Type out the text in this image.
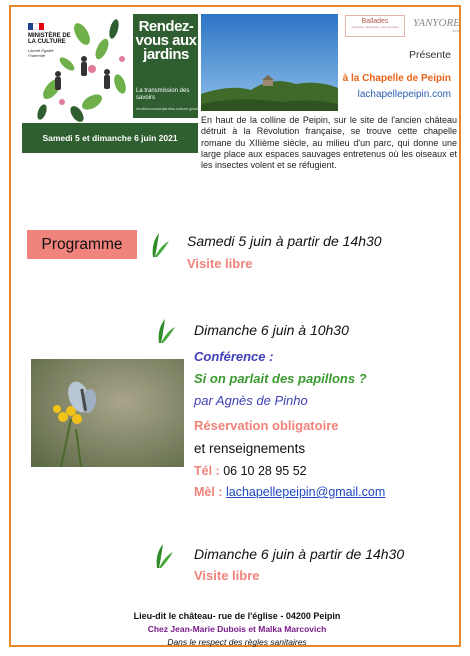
MINISTÈRE DE LA CULTURE
Liberté Égalité Fraternité
Rendez-vous aux jardins
La transmission des savoirs
rendezvousauxjardins.culture.gouv.fr
Samedi 5 et dimanche 6 juin 2021
Ballades
naturelles, artistiques, patrimoniales	YANYORE
ASSO
Présente
à la Chapelle de Peipin
lachapellepeipin.com
En haut de la colline de Peipin, sur le site de l'ancien château détruit à la Révolution française, se trouve cette chapelle romane du XIIième siècle, au milieu d'un parc, qui donne une large place aux espaces sauvages entretenus où les oiseaux et les insectes volent et se réfugient.
Programme	Samedi 5 juin à partir de 14h30
Visite libre
Dimanche 6 juin à 10h30
Conférence :
Si on parlait des papillons ?
par Agnès de Pinho
Réservation obligatoire
et renseignements
Tél : 06 10 28 95 52
Mèl : lachapellepeipin@gmail.com
Dimanche 6 juin à partir de 14h30
Visite libre
Lieu-dit le château- rue de l'église - 04200 Peipin
Chez Jean-Marie Dubois et Malka Marcovich
Dans le respect des règles sanitaires
